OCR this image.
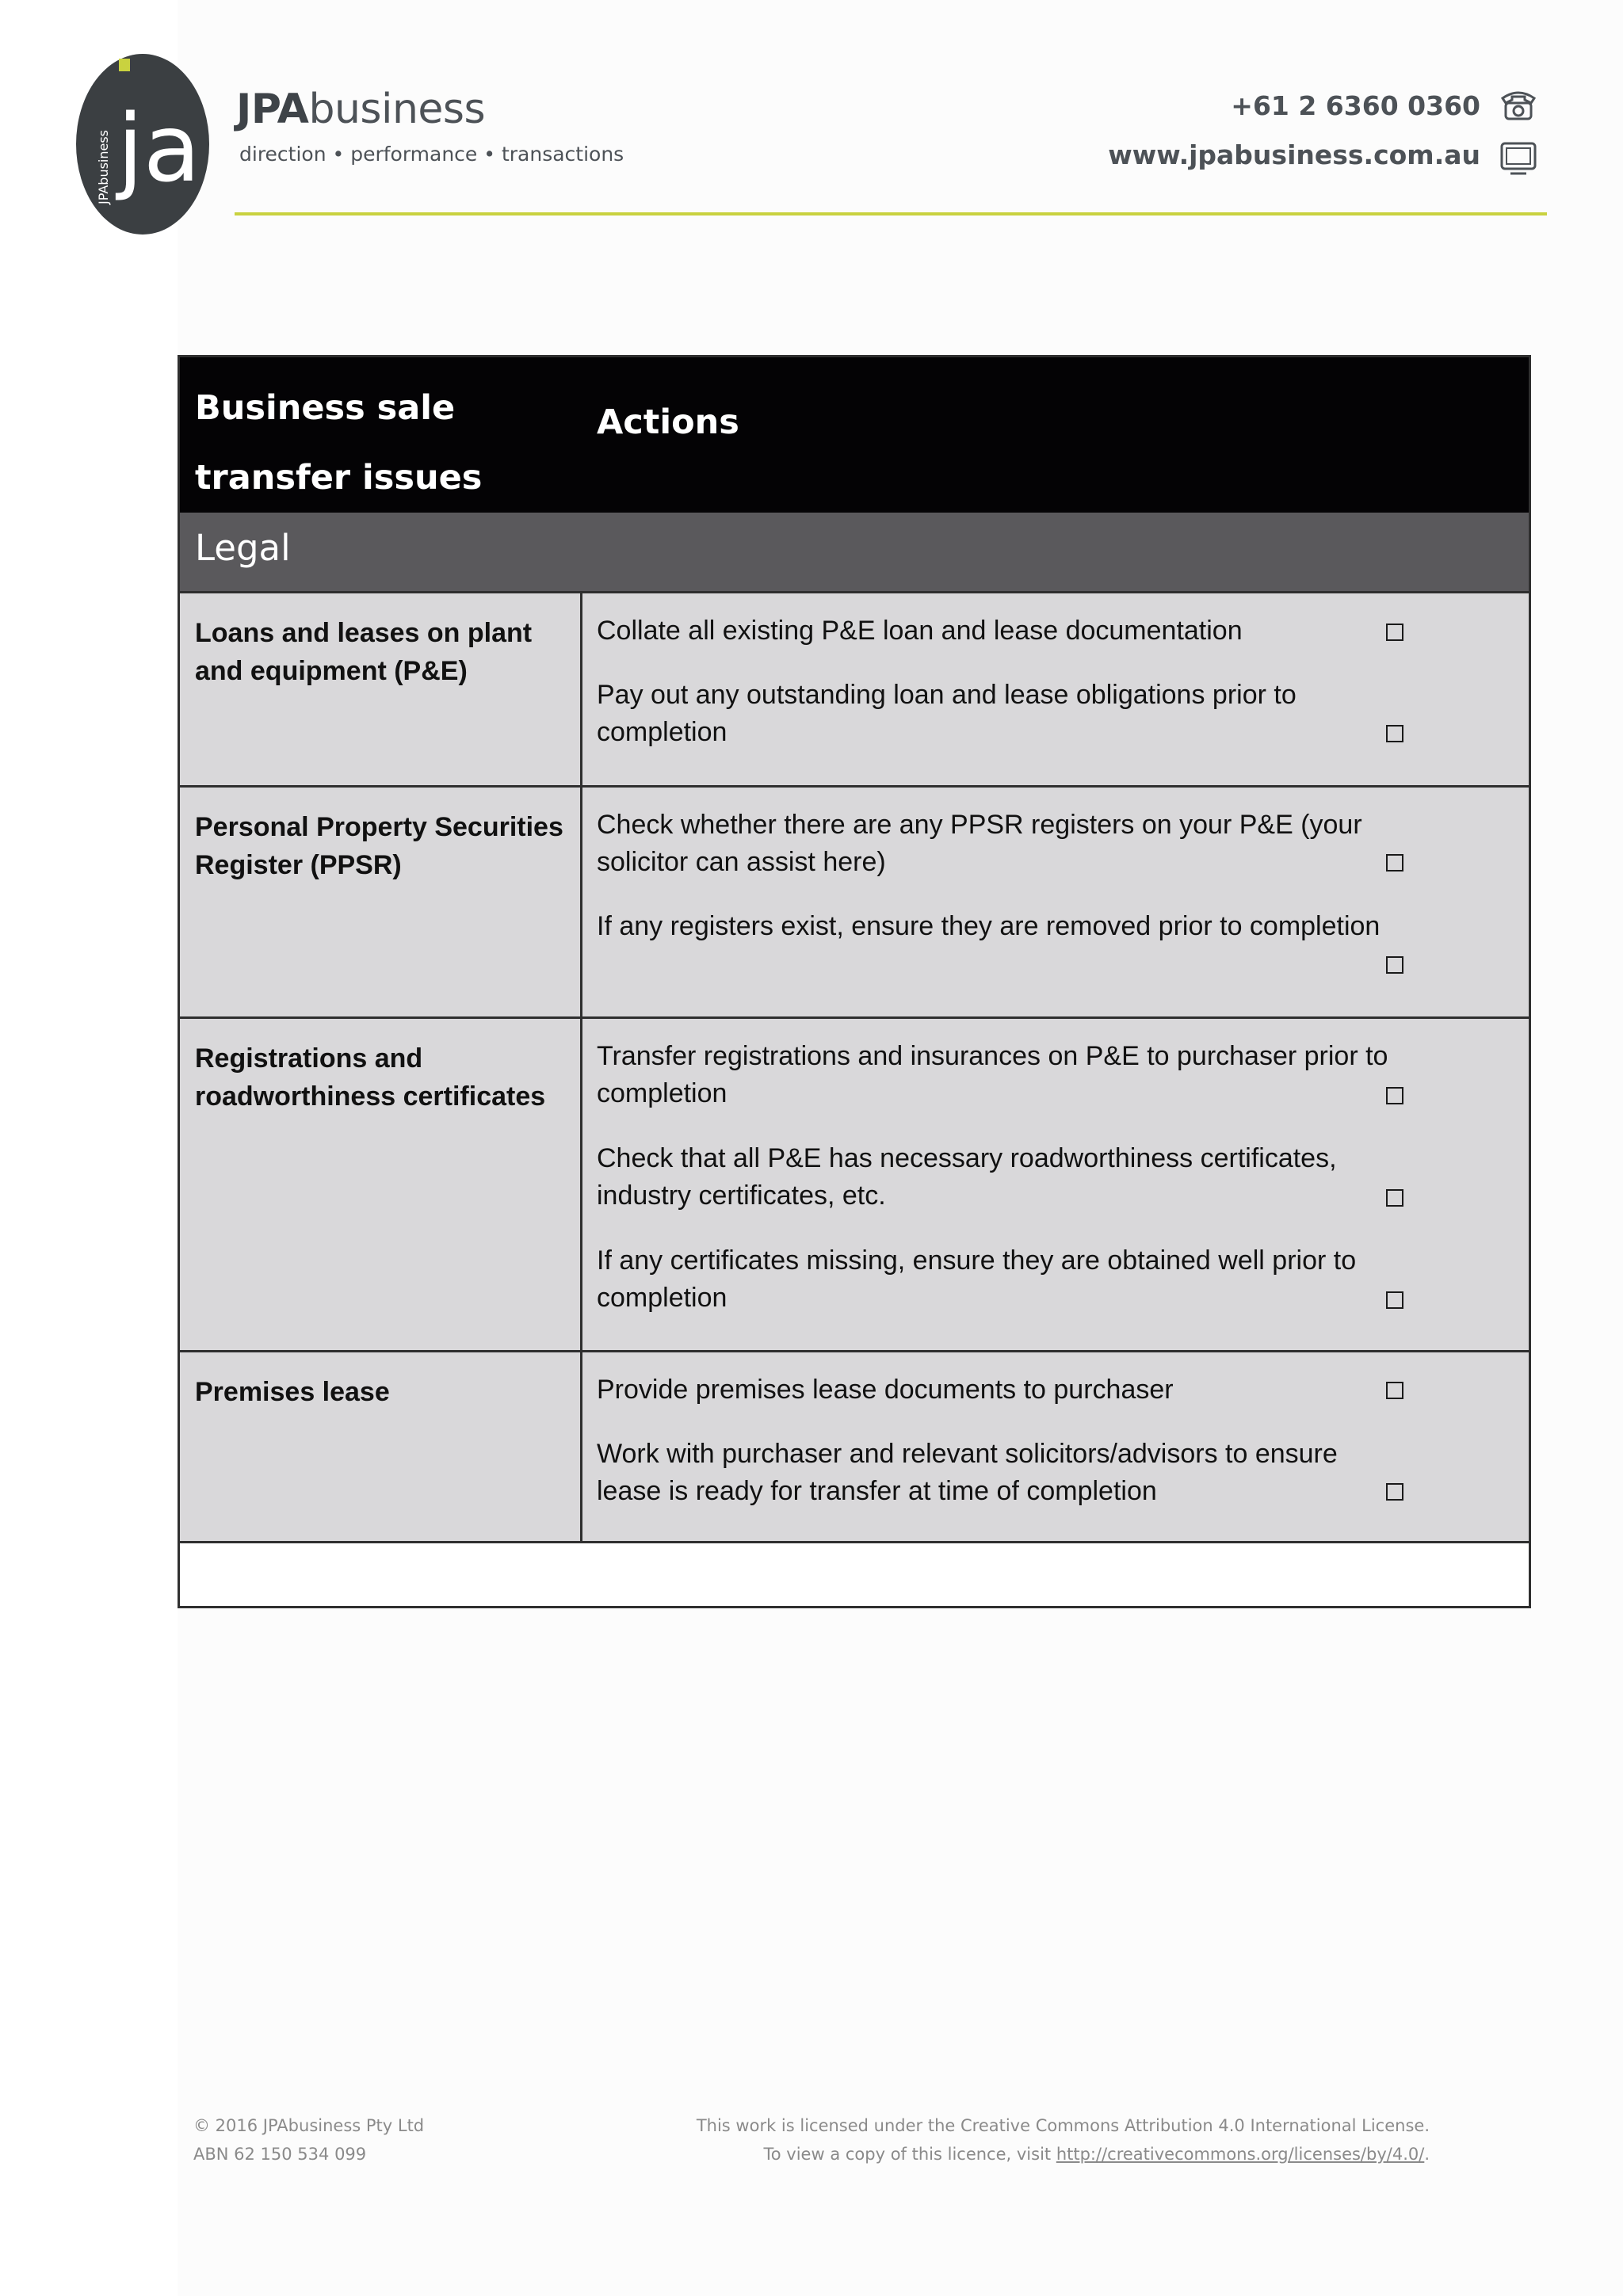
JPAbusiness ja JPAbusiness
direction • performance • transactions
+61 2 6360 0360
www.jpabusiness.com.au
Business sale
transfer issues
Actions
Legal
Loans and leases on plant and equipment (P&E)
Collate all existing P&E loan and lease documentation
Pay out any outstanding loan and lease obligations prior to completion
Personal Property Securities Register (PPSR)
Check whether there are any PPSR registers on your P&E (your solicitor can assist here)
If any registers exist, ensure they are removed prior to completion
Registrations and roadworthiness certificates
Transfer registrations and insurances on P&E to purchaser prior to completion
Check that all P&E has necessary roadworthiness certificates, industry certificates, etc.
If any certificates missing, ensure they are obtained well prior to completion
Premises lease	Provide premises lease documents to purchaser
Work with purchaser and relevant solicitors/advisors to ensure lease is ready for transfer at time of completion
© 2016 JPAbusiness Pty Ltd
ABN 62 150 534 099
This work is licensed under the Creative Commons Attribution 4.0 International License.
To view a copy of this licence, visit http://creativecommons.org/licenses/by/4.0/.
